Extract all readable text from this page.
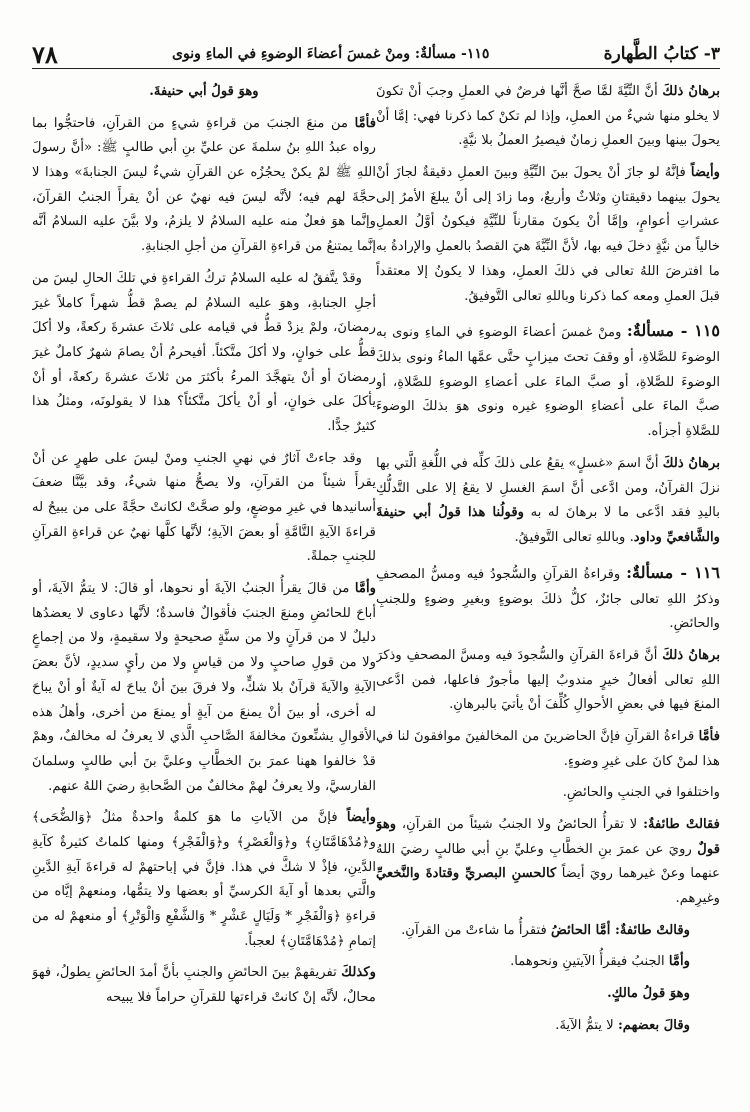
٣- كتابُ الطَّهارة
١١٥- مسألةٌ: ومنْ غمسَ أعضاءَ الوضوءِ في الماءِ ونوى
٧٨

برهانُ ذلكَ أنَّ النِّيَّةَ لمَّا صحَّ أنَّها فرضٌ في العملِ وجبَ أنْ تكونَ لا يخلو منها شيءٌ من العملِ، وإذا لم تكنْ كما ذكرنا فهي: إمَّا أنْ يحولَ بينها وبينَ العملِ زمانٌ فيصيرُ العملُ بلا نيَّةٍ.

وأيضاً فإنَّهُ لو جازَ أنْ يحولَ بينَ النِّيَّةِ وبينَ العملِ دقيقةٌ لجازَ أنْ يحولَ بينهما دقيقتانِ وثلاثٌ وأربعٌ، وما زادَ إلى أنْ يبلغَ الأمرُ إلى عشراتِ أعوامٍ، وإمَّا أنْ يكونَ مقارناً للنِّيَّةِ فيكونُ أوَّلُ العملِ خالياً من نيَّةٍ دخلَ فيه بها، لأنَّ النِّيَّةَ هيَ القصدُ بالعملِ والإرادةُ به ما افترضَ اللهُ تعالى في ذلكَ العملِ، وهذا لا يكونُ إلا معتقداً قبلَ العملِ ومعه كما ذكرنا وباللهِ تعالى التَّوفيقُ.

١١٥ - مسألةٌ: ومنْ غمسَ أعضاءَ الوضوءِ في الماءِ ونوى به الوضوءَ للصَّلاةِ، أو وقفَ تحتَ ميزابٍ حتَّى عمَّها الماءُ ونوى بذلكَ الوضوءَ للصَّلاةِ، أو صبَّ الماءَ على أعضاءِ الوضوءِ للصَّلاةِ، أو صبَّ الماءَ على أعضاءِ الوضوءِ غيره ونوى هوَ بذلكَ الوضوءَ للصَّلاةِ أجزأه.

برهانُ ذلكَ أنَّ اسمَ «غسلٍ» يقعُ على ذلكَ كلِّه في اللُّغةِ الَّتي بها نزلَ القرآنُ، ومن ادَّعى أنَّ اسمَ الغسلِ لا يقعُ إلا على التَّدلُّكِ باليدِ فقد ادَّعى ما لا برهانَ له به وقولُنا هذا قولُ أبي حنيفةَ والشَّافعيِّ وداود. وباللهِ تعالى التَّوفيقُ.

١١٦ - مسألةٌ: وقراءةُ القرآنِ والسُّجودُ فيه ومسُّ المصحفِ وذكرُ اللهِ تعالى جائزٌ، كلُّ ذلكَ بوضوءٍ وبغيرِ وضوءٍ وللجنبِ والحائضِ.

برهانُ ذلكَ أنَّ قراءةَ القرآنِ والسُّجودَ فيه ومسَّ المصحفِ وذكرَ اللهِ تعالى أفعالُ خيرٍ مندوبٌ إليها مأجورٌ فاعلها، فمن ادَّعى المنعَ فيها في بعضِ الأحوالِ كُلِّفَ أنْ يأتيَ بالبرهانِ.

فأمَّا قراءةُ القرآنِ فإنَّ الحاضرينَ من المخالفينَ موافقونَ لنا في هذا لمنْ كانَ على غيرِ وضوءٍ.

واختلفوا في الجنبِ والحائضِ.

فقالتْ طائفةٌ: لا تقرأُ الحائضُ ولا الجنبُ شيئاً من القرآنِ، وهوَ قولٌ رويَ عن عمرَ بنِ الخطَّابِ وعليِّ بنِ أبي طالبٍ رضيَ اللهُ عنهما وعنْ غيرهما رويَ أيضاً كالحسنِ البصريِّ وقتادةَ والنَّخعيِّ وغيرِهم.

وقالتْ طائفةٌ: أمَّا الحائضُ فتقرأُ ما شاءتْ من القرآنِ.

وأمَّا الجنبُ فيقرأُ الآيتينِ ونحوهما.

وهوَ قولُ مالكٍ.

وقالَ بعضهم: لا يتمُّ الآيةَ.

وهوَ قولُ أبي حنيفةَ.

فأمَّا من منعَ الجنبَ من قراءةِ شيءٍ من القرآنِ، فاحتجُّوا بما رواه عبدُ اللهِ بنُ سلمةَ عن عليِّ بنِ أبي طالبٍ ﷺ: «أنَّ رسولَ اللهِ ﷺ لمْ يكنْ يحجُزُه عن القرآنِ شيءٌ ليسَ الجنابةَ» وهذا لا حجَّةَ لهم فيه؛ لأنَّه ليسَ فيه نهيٌ عن أنْ يقرأَ الجنبُ القرآنَ، وإنَّما هوَ فعلٌ منه عليه السلامُ لا يلزمُ، ولا بيَّنَ عليه السلامُ أنَّه إنَّما يمتنعُ من قراءةِ القرآنِ من أجلِ الجنابةِ.

وقدْ يتَّفقُ له عليه السلامُ تركُ القراءةِ في تلكَ الحالِ ليسَ من أجلِ الجنابةِ، وهوَ عليه السلامُ لم يصمْ قطُّ شهراً كاملاً غيرَ رمضانَ، ولمْ يزدْ قطُّ في قيامه على ثلاثَ عشرةَ ركعةً، ولا أكلَ قطُّ على خوانٍ، ولا أكلَ متَّكئاً. أفيحرمُ أنْ يصامَ شهرٌ كاملٌ غيرَ رمضانَ أو أنْ يتهجَّدَ المرءُ بأكثرَ من ثلاثَ عشرةَ ركعةً، أو أنْ يأكلَ على خوانٍ، أو أنْ يأكلَ متَّكئاً؟ هذا لا يقولونَه، ومثلُ هذا كثيرٌ جدًّا.

وقد جاءتْ آثارٌ في نهيِ الجنبِ ومنْ ليسَ على طهرٍ عن أنْ يقرأَ شيئاً من القرآنِ، ولا يصحُّ منها شيءٌ، وقد بيَّنَّا ضعفَ أسانيدها في غيرِ موضعٍ، ولو صحَّتْ لكانتْ حجَّةً على من يبيحُ له قراءةَ الآيةِ التَّامَّةِ أو بعضَ الآيةِ؛ لأنَّها كلَّها نهيٌ عن قراءةِ القرآنِ للجنبِ جملةً.

وأمَّا من قالَ يقرأُ الجنبُ الآيةَ أو نحوها، أو قالَ: لا يتمُّ الآيةَ، أو أباحَ للحائضِ ومنعَ الجنبَ فأقوالٌ فاسدةٌ؛ لأنَّها دعاوى لا يعضدُها دليلٌ لا من قرآنٍ ولا من سنَّةٍ صحيحةٍ ولا سقيمةٍ، ولا من إجماعٍ ولا من قولِ صاحبٍ ولا من قياسٍ ولا من رأيٍ سديدٍ، لأنَّ بعضَ الآيةِ والآيةَ قرآنٌ بلا شكٍّ، ولا فرقَ بينَ أنْ يباحَ له آيةٌ أو أنْ يباحَ له أخرى، أو بينَ أنْ يمنعَ من آيةٍ أو يمنعَ من أخرى، وأهلُ هذه الأقوالِ يشنِّعونَ مخالفةَ الصَّاحبِ الَّذي لا يعرفُ له مخالفٌ، وهمْ قدْ خالفوا ههنا عمرَ بنَ الخطَّابِ وعليَّ بنَ أبي طالبٍ وسلمانَ الفارسيَّ، ولا يعرفُ لهمْ مخالفٌ من الصَّحابةِ رضيَ اللهُ عنهم.

وأيضاً فإنَّ من الآياتِ ما هوَ كلمةٌ واحدةٌ مثلُ ﴿وَالضُّحَى﴾ و﴿مُدْهَامَّتَانِ﴾ و﴿وَالْعَصْرِ﴾ و﴿وَالْفَجْرِ﴾ ومنها كلماتٌ كثيرةٌ كآيةِ الدَّينِ، فإذْ لا شكَّ في هذا. فإنَّ في إباحتهمْ له قراءةَ آيةِ الدَّينِ والَّتي بعدها أو آيةَ الكرسيِّ أو بعضها ولا يتمُّها، ومنعهمْ إيَّاه من قراءةِ ﴿وَالْفَجْرِ * وَلَيَالٍ عَشْرٍ * وَالشَّفْعِ وَالْوَتْرِ﴾ أو منعهمْ له من إتمامِ ﴿مُدْهَامَّتَانِ﴾ لعجباً.

وكذلكَ تفريقهمْ بينَ الحائضِ والجنبِ بأنَّ أمدَ الحائضِ يطولُ، فهوَ محالٌ، لأنَّه إنْ كانتْ قراءتها للقرآنِ حراماً فلا يبيحه
